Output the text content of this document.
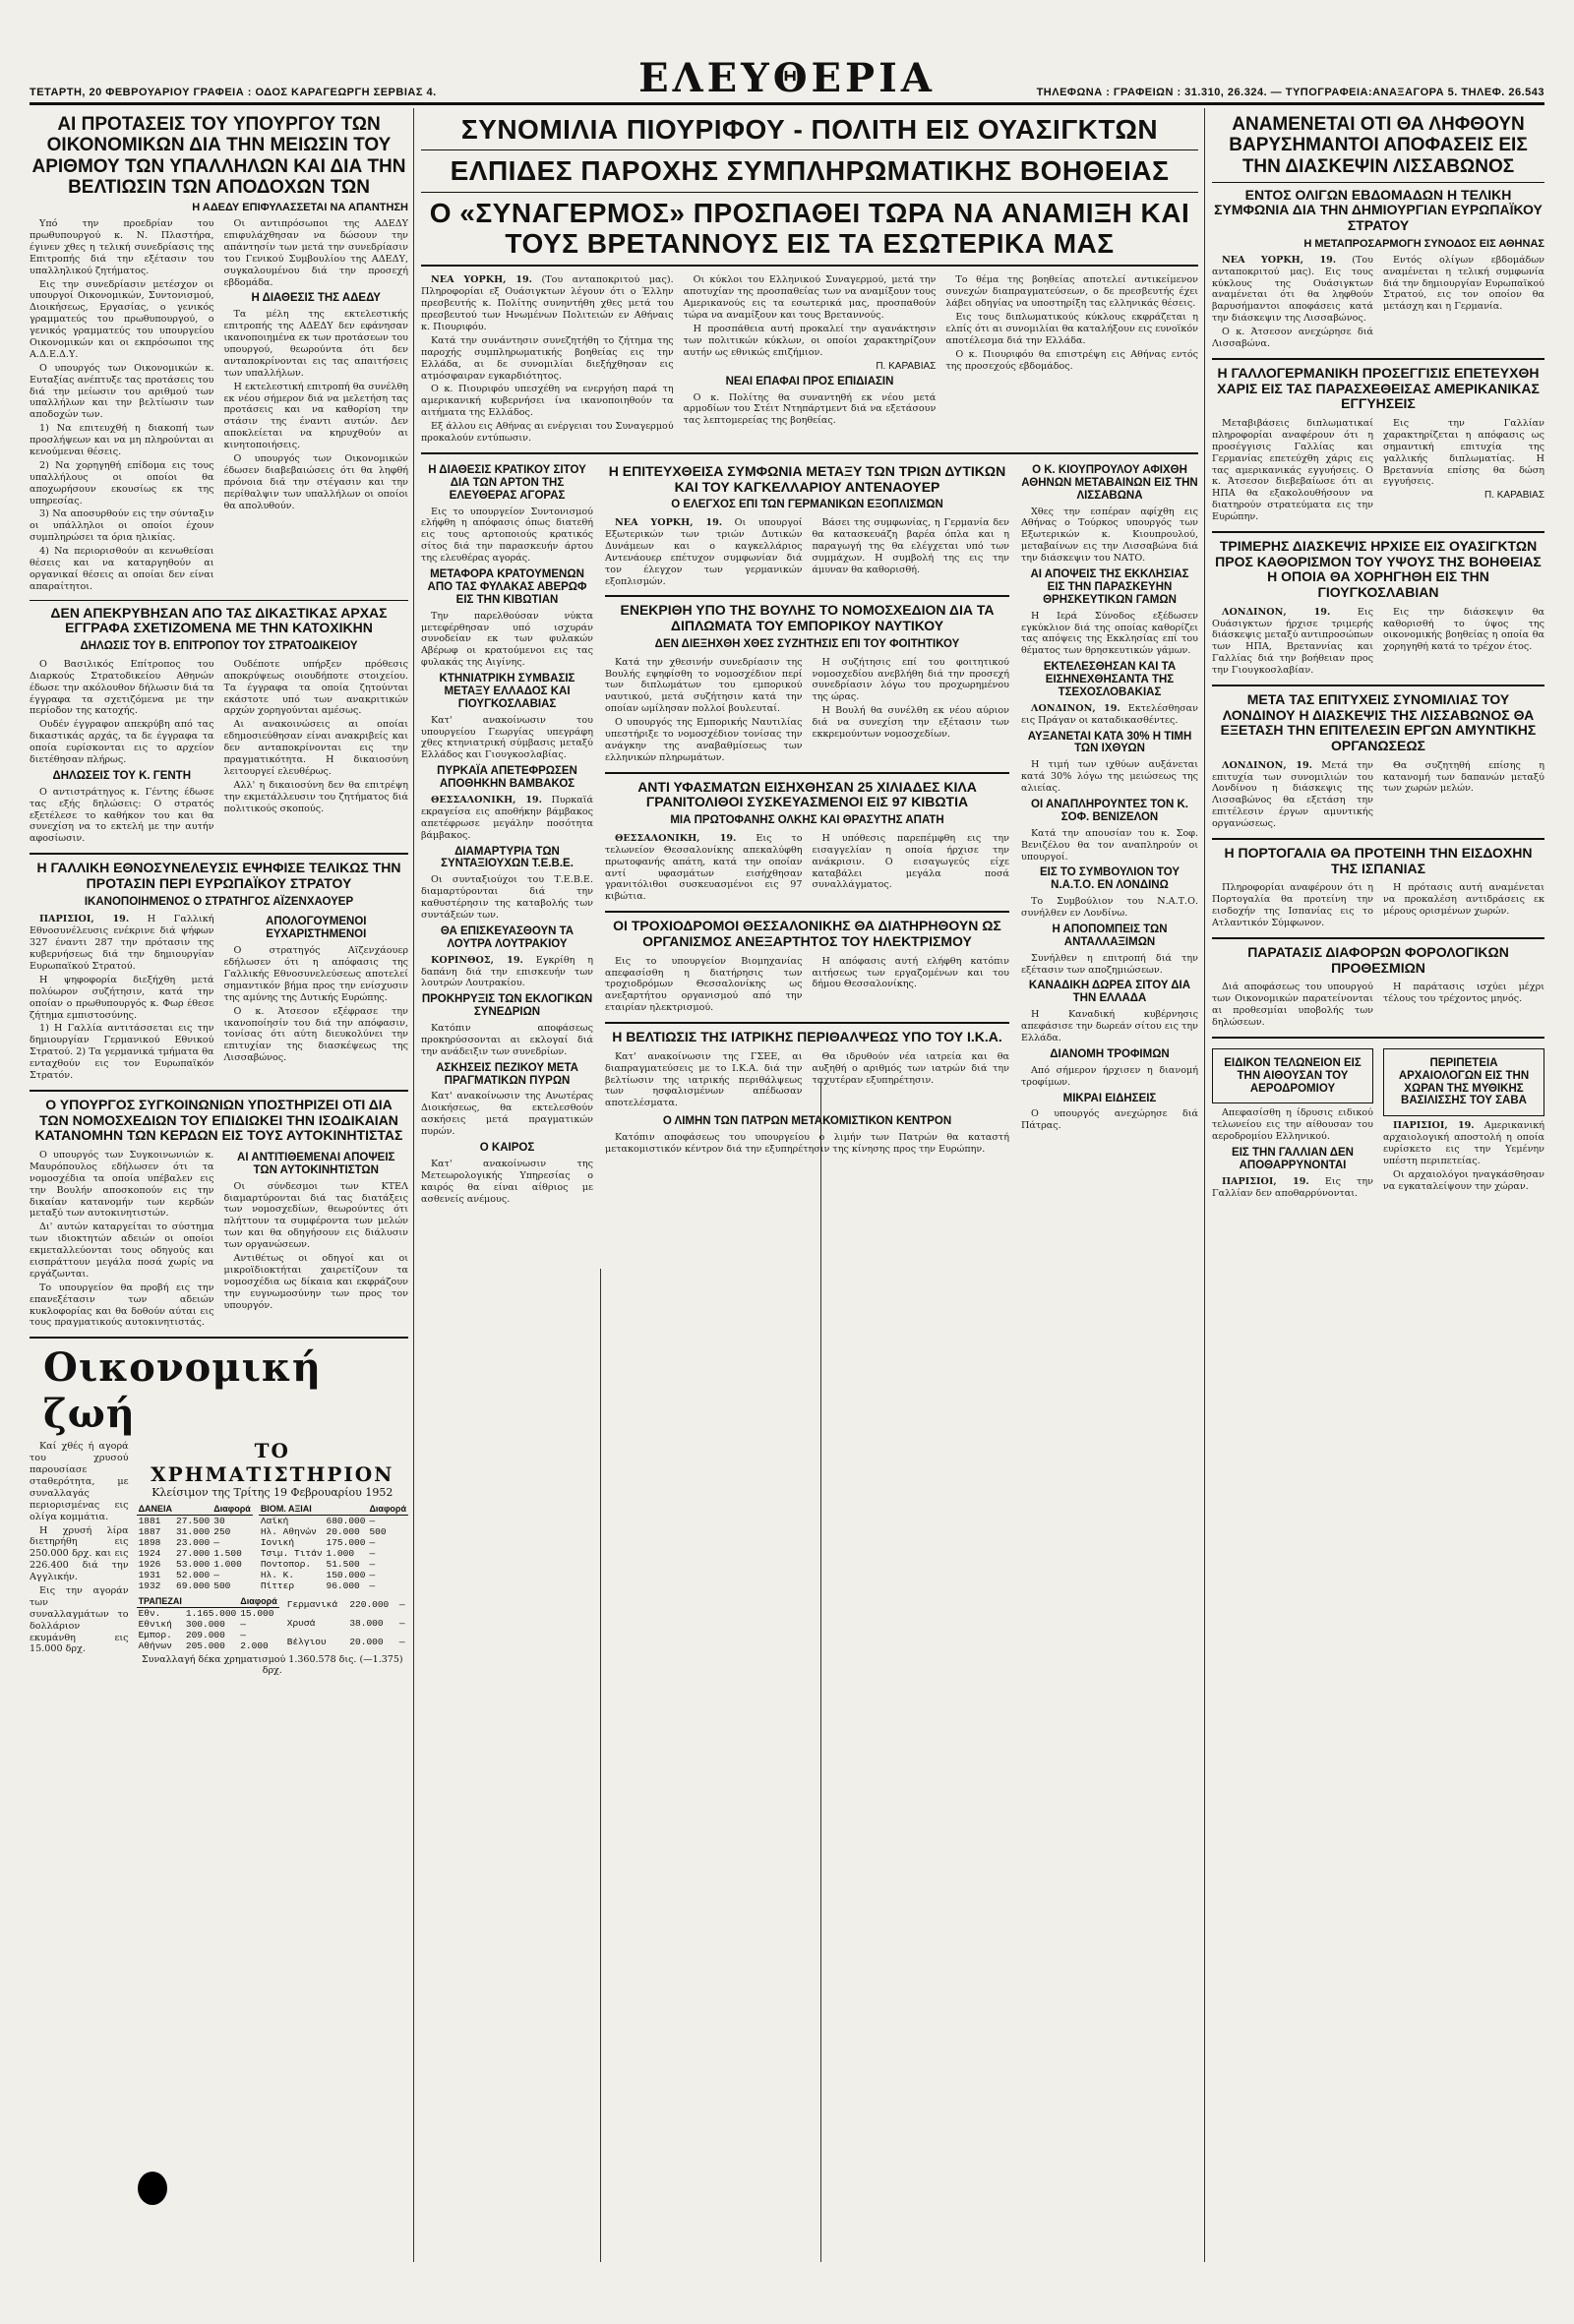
ΤΕΤΑΡΤΗ, 20 ΦΕΒΡΟΥΑΡΙΟΥ ΓΡΑΦΕΙΑ : ΟΔΟΣ ΚΑΡΑΓΕΩΡΓΗ ΣΕΡΒΙΑΣ 4.	ΤΗΛΕΦΩΝΑ : ΓΡΑΦΕΙΩΝ : 31.310, 26.324. — ΤΥΠΟΓΡΑΦΕΙΑ:ΑΝΑΞΑΓΟΡΑ 5. ΤΗΛΕΦ. 26.543
ΕΛΕΥΘΕΡΙΑ
ΑΙ ΠΡΟΤΑΣΕΙΣ ΤΟΥ ΥΠΟΥΡΓΟΥ ΤΩΝ ΟΙΚΟΝΟΜΙΚΩΝ ΔΙΑ ΤΗΝ ΜΕΙΩΣΙΝ ΤΟΥ ΑΡΙΘΜΟΥ ΤΩΝ ΥΠΑΛΛΗΛΩΝ ΚΑΙ ΔΙΑ ΤΗΝ ΒΕΛΤΙΩΣΙΝ ΤΩΝ ΑΠΟΔΟΧΩΝ ΤΩΝ
Η ΑΔΕΔΥ ΕΠΙΦΥΛΑΣΣΕΤΑΙ ΝΑ ΑΠΑΝΤΗΣΗ

Υπό την προεδρίαν του πρωθυπουργού κ. Ν. Πλαστήρα, έγινεν χθες η τελική συνεδρίασις της Επιτροπής διά την εξέτασιν του υπαλληλικού ζητήματος.

Εις την συνεδρίασιν μετέσχον οι υπουργοί Οικονομικών, Συντονισμού, Διοικήσεως, Εργασίας, ο γενικός γραμματεύς του πρωθυπουργού, ο γενικός γραμματεύς του υπουργείου Οικονομικών και οι εκπρόσωποι της Α.Δ.Ε.Δ.Υ.

Ο υπουργός των Οικονομικών κ. Ευταξίας ανέπτυξε τας προτάσεις του διά την μείωσιν του αριθμού των υπαλλήλων και την βελτίωσιν των αποδοχών των.

1) Να επιτευχθή η διακοπή των προσλήψεων και να μη πληρούνται αι κενούμεναι θέσεις.

2) Να χορηγηθή επίδομα εις τους υπαλλήλους οι οποίοι θα αποχωρήσουν εκουσίως εκ της υπηρεσίας.

3) Να αποσυρθούν εις την σύνταξιν οι υπάλληλοι οι οποίοι έχουν συμπληρώσει τα όρια ηλικίας.

4) Να περιορισθούν αι κενωθείσαι θέσεις και να καταργηθούν αι οργανικαί θέσεις αι οποίαι δεν είναι απαραίτητοι.

Οι αντιπρόσωποι της ΑΔΕΔΥ επιφυλάχθησαν να δώσουν την απάντησίν των μετά την συνεδρίασιν του Γενικού Συμβουλίου της ΑΔΕΔΥ, συγκαλουμένου διά την προσεχή εβδομάδα.

Η ΔΙΑΘΕΣΙΣ ΤΗΣ ΑΔΕΔΥ

Τα μέλη της εκτελεστικής επιτροπής της ΑΔΕΔΥ δεν εφάνησαν ικανοποιημένα εκ των προτάσεων του υπουργού, θεωρούντα ότι δεν ανταποκρίνονται εις τας απαιτήσεις των υπαλλήλων.

Η εκτελεστική επιτροπή θα συνέλθη εκ νέου σήμερον διά να μελετήση τας προτάσεις και να καθορίση την στάσιν της έναντι αυτών. Δεν αποκλείεται να κηρυχθούν αι κινητοποιήσεις.

Ο υπουργός των Οικονομικών έδωσεν διαβεβαιώσεις ότι θα ληφθή πρόνοια διά την στέγασιν και την περίθαλψιν των υπαλλήλων οι οποίοι θα απολυθούν.

ΔΕΝ ΑΠΕΚΡΥΒΗΣΑΝ ΑΠΟ ΤΑΣ ΔΙΚΑΣΤΙΚΑΣ ΑΡΧΑΣ ΕΓΓΡΑΦΑ ΣΧΕΤΙΖΟΜΕΝΑ ΜΕ ΤΗΝ ΚΑΤΟΧΙΚΗΝ
ΔΗΛΩΣΙΣ ΤΟΥ Β. ΕΠΙΤΡΟΠΟΥ ΤΟΥ ΣΤΡΑΤΟΔΙΚΕΙΟΥ

Ο Βασιλικός Επίτροπος του Διαρκούς Στρατοδικείου Αθηνών έδωσε την ακόλουθον δήλωσιν διά τα έγγραφα τα σχετιζόμενα με την περίοδον της κατοχής.

Ουδέν έγγραφον απεκρύβη από τας δικαστικάς αρχάς, τα δε έγγραφα τα οποία ευρίσκονται εις το αρχείον διετέθησαν πλήρως.

ΔΗΛΩΣΕΙΣ ΤΟΥ Κ. ΓΕΝΤΗ

Ο αντιστράτηγος κ. Γέντης έδωσε τας εξής δηλώσεις: Ο στρατός εξετέλεσε το καθήκον του και θα συνεχίση να το εκτελή με την αυτήν αφοσίωσιν.

Ουδέποτε υπήρξεν πρόθεσις αποκρύψεως οιουδήποτε στοιχείου. Τα έγγραφα τα οποία ζητούνται εκάστοτε υπό των ανακριτικών αρχών χορηγούνται αμέσως.

Αι ανακοινώσεις αι οποίαι εδημοσιεύθησαν είναι ανακριβείς και δεν ανταποκρίνονται εις την πραγματικότητα. Η δικαιοσύνη λειτουργεί ελευθέρως.

Αλλ' η δικαιοσύνη δεν θα επιτρέψη την εκμετάλλευσιν του ζητήματος διά πολιτικούς σκοπούς.

Η ΓΑΛΛΙΚΗ ΕΘΝΟΣΥΝΕΛΕΥΣΙΣ ΕΨΗΦΙΣΕ ΤΕΛΙΚΩΣ ΤΗΝ ΠΡΟΤΑΣΙΝ ΠΕΡΙ ΕΥΡΩΠΑΪΚΟΥ ΣΤΡΑΤΟΥ
ΙΚΑΝΟΠΟΙΗΜΕΝΟΣ Ο ΣΤΡΑΤΗΓΟΣ ΑΪΖΕΝΧΑΟΥΕΡ

ΠΑΡΙΣΙΟΙ, 19. Η Γαλλική Εθνοσυνέλευσις ενέκρινε διά ψήφων 327 έναντι 287 την πρότασιν της κυβερνήσεως διά την δημιουργίαν Ευρωπαϊκού Στρατού.

Η ψηφοφορία διεξήχθη μετά πολύωρον συζήτησιν, κατά την οποίαν ο πρωθυπουργός κ. Φωρ έθεσε ζήτημα εμπιστοσύνης.

1) Η Γαλλία αντιτάσσεται εις την δημιουργίαν Γερμανικού Εθνικού Στρατού. 2) Τα γερμανικά τμήματα θα ενταχθούν εις τον Ευρωπαϊκόν Στρατόν.

ΑΠΟΛΟΓΟΥΜΕΝΟΙ ΕΥΧΑΡΙΣΤΗΜΕΝΟΙ

Ο στρατηγός Αϊζενχάουερ εδήλωσεν ότι η απόφασις της Γαλλικής Εθνοσυνελεύσεως αποτελεί σημαντικόν βήμα προς την ενίσχυσιν της αμύνης της Δυτικής Ευρώπης.

Ο κ. Άτσεσον εξέφρασε την ικανοποίησίν του διά την απόφασιν, τονίσας ότι αύτη διευκολύνει την επιτυχίαν της διασκέψεως της Λισσαβώνος.

Ο ΥΠΟΥΡΓΟΣ ΣΥΓΚΟΙΝΩΝΙΩΝ ΥΠΟΣΤΗΡΙΖΕΙ ΟΤΙ ΔΙΑ ΤΩΝ ΝΟΜΟΣΧΕΔΙΩΝ ΤΟΥ ΕΠΙΔΙΩΚΕΙ ΤΗΝ ΙΣΟΔΙΚΑΙΑΝ ΚΑΤΑΝΟΜΗΝ ΤΩΝ ΚΕΡΔΩΝ ΕΙΣ ΤΟΥΣ ΑΥΤΟΚΙΝΗΤΙΣΤΑΣ

Ο υπουργός των Συγκοινωνιών κ. Μαυρόπουλος εδήλωσεν ότι τα νομοσχέδια τα οποία υπέβαλεν εις την Βουλήν αποσκοπούν εις την δικαίαν κατανομήν των κερδών μεταξύ των αυτοκινητιστών.

Δι' αυτών καταργείται το σύστημα των ιδιοκτητών αδειών οι οποίοι εκμεταλλεύονται τους οδηγούς και εισπράττουν μεγάλα ποσά χωρίς να εργάζωνται.

Το υπουργείον θα προβή εις την επανεξέτασιν των αδειών κυκλοφορίας και θα δοθούν αύται εις τους πραγματικούς αυτοκινητιστάς.

ΑΙ ΑΝΤΙΤΙΘΕΜΕΝΑΙ ΑΠΟΨΕΙΣ ΤΩΝ ΑΥΤΟΚΙΝΗΤΙΣΤΩΝ

Οι σύνδεσμοι των ΚΤΕΛ διαμαρτύρονται διά τας διατάξεις των νομοσχεδίων, θεωρούντες ότι πλήττουν τα συμφέροντα των μελών των και θα οδηγήσουν εις διάλυσιν των οργανώσεων.

Αντιθέτως οι οδηγοί και οι μικροϊδιοκτήται χαιρετίζουν τα νομοσχέδια ως δίκαια και εκφράζουν την ευγνωμοσύνην των προς τον υπουργόν.

Οικονομική ζωή

Καί χθές ή αγορά του χρυσού παρουσίασε σταθερότητα, με συναλλαγάς περιορισμένας εις ολίγα κομμάτια.

Η χρυσή λίρα διετηρήθη εις 250.000 δρχ. και εις 226.400 διά την Αγγλικήν.

Εις την αγοράν των συναλλαγμάτων το δολλάριον εκυμάνθη εις 15.000 δρχ.

ΤΟ ΧΡΗΜΑΤΙΣΤΗΡΙΟΝ
Κλείσιμον της Τρίτης 19 Φεβρουαρίου 1952
ΔΑΝΕΙΑ		Διαφορά
1881	27.500	30
1887	31.000	250
1898	23.000	—
1924	27.000	1.500
1926	53.000	1.000
1931	52.000	—
1932	69.000	500
ΒΙΟΜ. ΑΞΙΑΙ		Διαφορά
Λαϊκή	680.000	—
Ηλ. Αθηνών	20.000	500
Ιονική	175.000	—
Τσιμ. Τιτάν	1.000	—
Ποντοπορ.	51.500	—
Ηλ. Κ.	150.000	—
Πίττερ	96.000	—
ΤΡΑΠΕΖΑΙ		Διαφορά
Εθν.	1.165.000	15.000
Εθνική	300.000	—
Εμπορ.	209.000	—
Αθήνων	205.000	2.000
Γερμανικά	220.000	—
Χρυσά	38.000	—
Βέλγιου	20.000	—
Συναλλαγή δέκα χρηματισμού 1.360.578 δις. (—1.375) δρχ.
ΣΥΝΟΜΙΛΙΑ ΠΙΟΥΡΙΦΟΥ - ΠΟΛΙΤΗ ΕΙΣ ΟΥΑΣΙΓΚΤΩΝ
ΕΛΠΙΔΕΣ ΠΑΡΟΧΗΣ ΣΥΜΠΛΗΡΩΜΑΤΙΚΗΣ ΒΟΗΘΕΙΑΣ
Ο «ΣΥΝΑΓΕΡΜΟΣ» ΠΡΟΣΠΑΘΕΙ ΤΩΡΑ ΝΑ ΑΝΑΜΙΞΗ ΚΑΙ ΤΟΥΣ ΒΡΕΤΑΝΝΟΥΣ ΕΙΣ ΤΑ ΕΣΩΤΕΡΙΚΑ ΜΑΣ

ΝΕΑ ΥΟΡΚΗ, 19. (Του ανταποκριτού μας). Πληροφορίαι εξ Ουάσιγκτων λέγουν ότι ο Έλλην πρεσβευτής κ. Πολίτης συνηντήθη χθες μετά του πρεσβευτού των Ηνωμένων Πολιτειών εν Αθήναις κ. Πιουριφόυ.

Κατά την συνάντησιν συνεζητήθη το ζήτημα της παροχής συμπληρωματικής βοηθείας εις την Ελλάδα, αι δε συνομιλίαι διεξήχθησαν εις ατμόσφαιραν εγκαρδιότητος.

Ο κ. Πιουριφόυ υπεσχέθη να ενεργήση παρά τη αμερικανική κυβερνήσει ίνα ικανοποιηθούν τα αιτήματα της Ελλάδος.

Εξ άλλου εις Αθήνας αι ενέργειαι του Συναγερμού προκαλούν εντύπωσιν.

Οι κύκλοι του Ελληνικού Συναγερμού, μετά την αποτυχίαν της προσπαθείας των να αναμίξουν τους Αμερικανούς εις τα εσωτερικά μας, προσπαθούν τώρα να αναμίξουν και τους Βρεταννούς.

Η προσπάθεια αυτή προκαλεί την αγανάκτησιν των πολιτικών κύκλων, οι οποίοι χαρακτηρίζουν αυτήν ως εθνικώς επιζήμιον.

Π. ΚΑΡΑΒΙΑΣ
ΝΕΑΙ ΕΠΑΦΑΙ ΠΡΟΣ ΕΠΙΔΙΑΣΙΝ

Ο κ. Πολίτης θα συναντηθή εκ νέου μετά αρμοδίων του Στέιτ Ντηπάρτμεντ διά να εξετάσουν τας λεπτομερείας της βοηθείας.

Το θέμα της βοηθείας αποτελεί αντικείμενον συνεχών διαπραγματεύσεων, ο δε πρεσβευτής έχει λάβει οδηγίας να υποστηρίξη τας ελληνικάς θέσεις.

Εις τους διπλωματικούς κύκλους εκφράζεται η ελπίς ότι αι συνομιλίαι θα καταλήξουν εις ευνοϊκόν αποτέλεσμα διά την Ελλάδα.

Ο κ. Πιουριφόυ θα επιστρέψη εις Αθήνας εντός της προσεχούς εβδομάδος.

Η ΔΙΑΘΕΣΙΣ ΚΡΑΤΙΚΟΥ ΣΙΤΟΥ ΔΙΑ ΤΩΝ ΑΡΤΟΝ ΤΗΣ ΕΛΕΥΘΕΡΑΣ ΑΓΟΡΑΣ

Εις το υπουργείον Συντονισμού ελήφθη η απόφασις όπως διατεθή εις τους αρτοποιούς κρατικός σίτος διά την παρασκευήν άρτου της ελευθέρας αγοράς.

ΜΕΤΑΦΟΡΑ ΚΡΑΤΟΥΜΕΝΩΝ ΑΠΟ ΤΑΣ ΦΥΛΑΚΑΣ ΑΒΕΡΩΦ ΕΙΣ ΤΗΝ ΚΙΒΩΤΙΑΝ

Την παρελθούσαν νύκτα μετεφέρθησαν υπό ισχυράν συνοδείαν εκ των φυλακών Αβέρωφ οι κρατούμενοι εις τας φυλακάς της Αιγίνης.

ΚΤΗΝΙΑΤΡΙΚΗ ΣΥΜΒΑΣΙΣ ΜΕΤΑΞΥ ΕΛΛΑΔΟΣ ΚΑΙ ΓΙΟΥΓΚΟΣΛΑΒΙΑΣ

Κατ' ανακοίνωσιν του υπουργείου Γεωργίας υπεγράφη χθες κτηνιατρική σύμβασις μεταξύ Ελλάδος και Γιουγκοσλαβίας.

ΠΥΡΚΑΪΑ ΑΠΕΤΕΦΡΩΣΕΝ ΑΠΟΘΗΚΗΝ ΒΑΜΒΑΚΟΣ

ΘΕΣΣΑΛΟΝΙΚΗ, 19. Πυρκαϊά εκραγείσα εις αποθήκην βάμβακος απετέφρωσε μεγάλην ποσότητα βάμβακος.

ΔΙΑΜΑΡΤΥΡΙΑ ΤΩΝ ΣΥΝΤΑΞΙΟΥΧΩΝ Τ.Ε.Β.Ε.

Οι συνταξιούχοι του Τ.Ε.Β.Ε. διαμαρτύρονται διά την καθυστέρησιν της καταβολής των συντάξεών των.

ΘΑ ΕΠΙΣΚΕΥΑΣΘΟΥΝ ΤΑ ΛΟΥΤΡΑ ΛΟΥΤΡΑΚΙΟΥ

ΚΟΡΙΝΘΟΣ, 19. Εγκρίθη η δαπάνη διά την επισκευήν των λουτρών Λουτρακίου.

ΠΡΟΚΗΡΥΞΙΣ ΤΩΝ ΕΚΛΟΓΙΚΩΝ ΣΥΝΕΔΡΙΩΝ

Κατόπιν αποφάσεως προκηρύσσονται αι εκλογαί διά την ανάδειξιν των συνεδρίων.

ΑΣΚΗΣΕΙΣ ΠΕΖΙΚΟΥ ΜΕΤΑ ΠΡΑΓΜΑΤΙΚΩΝ ΠΥΡΩΝ

Κατ' ανακοίνωσιν της Ανωτέρας Διοικήσεως, θα εκτελεσθούν ασκήσεις μετά πραγματικών πυρών.

Ο ΚΑΙΡΟΣ

Κατ' ανακοίνωσιν της Μετεωρολογικής Υπηρεσίας ο καιρός θα είναι αίθριος με ασθενείς ανέμους.

Η ΕΠΙΤΕΥΧΘΕΙΣΑ ΣΥΜΦΩΝΙΑ ΜΕΤΑΞΥ ΤΩΝ ΤΡΙΩΝ ΔΥΤΙΚΩΝ ΚΑΙ ΤΟΥ ΚΑΓΚΕΛΛΑΡΙΟΥ ΑΝΤΕΝΑΟΥΕΡ
Ο ΕΛΕΓΧΟΣ ΕΠΙ ΤΩΝ ΓΕΡΜΑΝΙΚΩΝ ΕΞΟΠΛΙΣΜΩΝ

ΝΕΑ ΥΟΡΚΗ, 19. Οι υπουργοί Εξωτερικών των τριών Δυτικών Δυνάμεων και ο καγκελλάριος Αντενάουερ επέτυχον συμφωνίαν διά τον έλεγχον των γερμανικών εξοπλισμών.

Βάσει της συμφωνίας, η Γερμανία δεν θα κατασκευάζη βαρέα όπλα και η παραγωγή της θα ελέγχεται υπό των συμμάχων. Η συμβολή της εις την άμυναν θα καθορισθή.

ΕΝΕΚΡΙΘΗ ΥΠΟ ΤΗΣ ΒΟΥΛΗΣ ΤΟ ΝΟΜΟΣΧΕΔΙΟΝ ΔΙΑ ΤΑ ΔΙΠΛΩΜΑΤΑ ΤΟΥ ΕΜΠΟΡΙΚΟΥ ΝΑΥΤΙΚΟΥ
ΔΕΝ ΔΙΕΞΗΧΘΗ ΧΘΕΣ ΣΥΖΗΤΗΣΙΣ ΕΠΙ ΤΟΥ ΦΟΙΤΗΤΙΚΟΥ

Κατά την χθεσινήν συνεδρίασιν της Βουλής εψηφίσθη το νομοσχέδιον περί των διπλωμάτων του εμπορικού ναυτικού, μετά συζήτησιν κατά την οποίαν ωμίλησαν πολλοί βουλευταί.

Ο υπουργός της Εμπορικής Ναυτιλίας υπεστήριξε το νομοσχέδιον τονίσας την ανάγκην της αναβαθμίσεως των ελληνικών πληρωμάτων.

Η συζήτησις επί του φοιτητικού νομοσχεδίου ανεβλήθη διά την προσεχή συνεδρίασιν λόγω του προχωρημένου της ώρας.

Η Βουλή θα συνέλθη εκ νέου αύριον διά να συνεχίση την εξέτασιν των εκκρεμούντων νομοσχεδίων.

ΑΝΤΙ ΥΦΑΣΜΑΤΩΝ ΕΙΣΗΧΘΗΣΑΝ 25 ΧΙΛΙΑΔΕΣ ΚΙΛΑ ΓΡΑΝΙΤΟΛΙΘΟΙ ΣΥΣΚΕΥΑΣΜΕΝΟΙ ΕΙΣ 97 ΚΙΒΩΤΙΑ
ΜΙΑ ΠΡΩΤΟΦΑΝΗΣ ΟΛΚΗΣ ΚΑΙ ΘΡΑΣΥΤΗΣ ΑΠΑΤΗ

ΘΕΣΣΑΛΟΝΙΚΗ, 19. Εις το τελωνείον Θεσσαλονίκης απεκαλύφθη πρωτοφανής απάτη, κατά την οποίαν αντί υφασμάτων εισήχθησαν γρανιτόλιθοι συσκευασμένοι εις 97 κιβώτια.

Η υπόθεσις παρεπέμφθη εις την εισαγγελίαν η οποία ήρχισε την ανάκρισιν. Ο εισαγωγεύς είχε καταβάλει μεγάλα ποσά συναλλάγματος.

ΟΙ ΤΡΟΧΙΟΔΡΟΜΟΙ ΘΕΣΣΑΛΟΝΙΚΗΣ ΘΑ ΔΙΑΤΗΡΗΘΟΥΝ ΩΣ ΟΡΓΑΝΙΣΜΟΣ ΑΝΕΞΑΡΤΗΤΟΣ ΤΟΥ ΗΛΕΚΤΡΙΣΜΟΥ

Εις το υπουργείον Βιομηχανίας απεφασίσθη η διατήρησις των τροχιοδρόμων Θεσσαλονίκης ως ανεξαρτήτου οργανισμού από την εταιρίαν ηλεκτρισμού.

Η απόφασις αυτή ελήφθη κατόπιν αιτήσεως των εργαζομένων και του δήμου Θεσσαλονίκης.

Η ΒΕΛΤΙΩΣΙΣ ΤΗΣ ΙΑΤΡΙΚΗΣ ΠΕΡΙΘΑΛΨΕΩΣ ΥΠΟ ΤΟΥ Ι.Κ.Α.

Κατ' ανακοίνωσιν της ΓΣΕΕ, αι διαπραγματεύσεις με το Ι.Κ.Α. διά την βελτίωσιν της ιατρικής περιθάλψεως των ησφαλισμένων απέδωσαν αποτελέσματα.

Θα ιδρυθούν νέα ιατρεία και θα αυξηθή ο αριθμός των ιατρών διά την ταχυτέραν εξυπηρέτησιν.

Ο ΛΙΜΗΝ ΤΩΝ ΠΑΤΡΩΝ ΜΕΤΑΚΟΜΙΣΤΙΚΟΝ ΚΕΝΤΡΟΝ

Κατόπιν αποφάσεως του υπουργείου ο λιμήν των Πατρών θα καταστή μετακομιστικόν κέντρον διά την εξυπηρέτησιν της κίνησης προς την Ευρώπην.

Ο Κ. ΚΙΟΥΠΡΟΥΛΟΥ ΑΦΙΧΘΗ ΑΘΗΝΩΝ ΜΕΤΑΒΑΙΝΩΝ ΕΙΣ ΤΗΝ ΛΙΣΣΑΒΩΝΑ

Χθες την εσπέραν αφίχθη εις Αθήνας ο Τούρκος υπουργός των Εξωτερικών κ. Κιουπρουλού, μεταβαίνων εις την Λισσαβώνα διά την διάσκεψιν του ΝΑΤΟ.

ΑΙ ΑΠΟΨΕΙΣ ΤΗΣ ΕΚΚΛΗΣΙΑΣ ΕΙΣ ΤΗΝ ΠΑΡΑΣΚΕΥΗΝ ΘΡΗΣΚΕΥΤΙΚΩΝ ΓΑΜΩΝ

Η Ιερά Σύνοδος εξέδωσεν εγκύκλιον διά της οποίας καθορίζει τας απόψεις της Εκκλησίας επί του θέματος των θρησκευτικών γάμων.

ΕΚΤΕΛΕΣΘΗΣΑΝ ΚΑΙ ΤΑ ΕΙΣΗΝΕΧΘΗΣΑΝΤΑ ΤΗΣ ΤΣΕΧΟΣΛΟΒΑΚΙΑΣ

ΛΟΝΔΙΝΟΝ, 19. Εκτελέσθησαν εις Πράγαν οι καταδικασθέντες.

ΑΥΞΑΝΕΤΑΙ ΚΑΤΑ 30% Η ΤΙΜΗ ΤΩΝ ΙΧΘΥΩΝ

Η τιμή των ιχθύων αυξάνεται κατά 30% λόγω της μειώσεως της αλιείας.

ΟΙ ΑΝΑΠΛΗΡΟΥΝΤΕΣ ΤΟΝ Κ. ΣΟΦ. ΒΕΝΙΖΕΛΟΝ

Κατά την απουσίαν του κ. Σοφ. Βενιζέλου θα τον αναπληρούν οι υπουργοί.

ΕΙΣ ΤΟ ΣΥΜΒΟΥΛΙΟΝ ΤΟΥ Ν.Α.Τ.Ο. ΕΝ ΛΟΝΔΙΝΩ

Το Συμβούλιον του Ν.Α.Τ.Ο. συνήλθεν εν Λονδίνω.

Η ΑΠΟΠΟΜΠΕΙΣ ΤΩΝ ΑΝΤΑΛΛΑΞΙΜΩΝ

Συνήλθεν η επιτροπή διά την εξέτασιν των αποζημιώσεων.

ΚΑΝΑΔΙΚΗ ΔΩΡΕΑ ΣΙΤΟΥ ΔΙΑ ΤΗΝ ΕΛΛΑΔΑ

Η Καναδική κυβέρνησις απεφάσισε την δωρεάν σίτου εις την Ελλάδα.

ΔΙΑΝΟΜΗ ΤΡΟΦΙΜΩΝ

Από σήμερον ήρχισεν η διανομή τροφίμων.

ΜΙΚΡΑΙ ΕΙΔΗΣΕΙΣ

Ο υπουργός ανεχώρησε διά Πάτρας.

ΑΝΑΜΕΝΕΤΑΙ ΟΤΙ ΘΑ ΛΗΦΘΟΥΝ ΒΑΡΥΣΗΜΑΝΤΟΙ ΑΠΟΦΑΣΕΙΣ ΕΙΣ ΤΗΝ ΔΙΑΣΚΕΨΙΝ ΛΙΣΣΑΒΩΝΟΣ
ΕΝΤΟΣ ΟΛΙΓΩΝ ΕΒΔΟΜΑΔΩΝ Η ΤΕΛΙΚΗ ΣΥΜΦΩΝΙΑ ΔΙΑ ΤΗΝ ΔΗΜΙΟΥΡΓΙΑΝ ΕΥΡΩΠΑΪΚΟΥ ΣΤΡΑΤΟΥ
Η ΜΕΤΑΠΡΟΣΑΡΜΟΓΗ ΣΥΝΟΔΟΣ ΕΙΣ ΑΘΗΝΑΣ

ΝΕΑ ΥΟΡΚΗ, 19. (Του ανταποκριτού μας). Εις τους κύκλους της Ουάσιγκτων αναμένεται ότι θα ληφθούν βαρυσήμαντοι αποφάσεις κατά την διάσκεψιν της Λισσαβώνος.

Ο κ. Άτσεσον ανεχώρησε διά Λισσαβώνα.

Εντός ολίγων εβδομάδων αναμένεται η τελική συμφωνία διά την δημιουργίαν Ευρωπαϊκού Στρατού, εις τον οποίον θα μετάσχη και η Γερμανία.

Η ΓΑΛΛΟΓΕΡΜΑΝΙΚΗ ΠΡΟΣΕΓΓΙΣΙΣ ΕΠΕΤΕΥΧΘΗ ΧΑΡΙΣ ΕΙΣ ΤΑΣ ΠΑΡΑΣΧΕΘΕΙΣΑΣ ΑΜΕΡΙΚΑΝΙΚΑΣ ΕΓΓΥΗΣΕΙΣ

Μεταβιβάσεις διπλωματικαί πληροφορίαι αναφέρουν ότι η προσέγγισις Γαλλίας και Γερμανίας επετεύχθη χάρις εις τας αμερικανικάς εγγυήσεις. Ο κ. Άτσεσον διεβεβαίωσε ότι αι ΗΠΑ θα εξακολουθήσουν να διατηρούν στρατεύματα εις την Ευρώπην.

Εις την Γαλλίαν χαρακτηρίζεται η απόφασις ως σημαντική επιτυχία της γαλλικής διπλωματίας. Η Βρεταννία επίσης θα δώση εγγυήσεις.

Π. ΚΑΡΑΒΙΑΣ
ΤΡΙΜΕΡΗΣ ΔΙΑΣΚΕΨΙΣ ΗΡΧΙΣΕ ΕΙΣ ΟΥΑΣΙΓΚΤΩΝ ΠΡΟΣ ΚΑΘΟΡΙΣΜΟΝ ΤΟΥ ΥΨΟΥΣ ΤΗΣ ΒΟΗΘΕΙΑΣ Η ΟΠΟΙΑ ΘΑ ΧΟΡΗΓΗΘΗ ΕΙΣ ΤΗΝ ΓΙΟΥΓΚΟΣΛΑΒΙΑΝ

ΛΟΝΔΙΝΟΝ, 19. Εις Ουάσιγκτων ήρχισε τριμερής διάσκεψις μεταξύ αντιπροσώπων των ΗΠΑ, Βρεταννίας και Γαλλίας διά την βοήθειαν προς την Γιουγκοσλαβίαν.

Εις την διάσκεψιν θα καθορισθή το ύψος της οικονομικής βοηθείας η οποία θα χορηγηθή κατά το τρέχον έτος.

ΜΕΤΑ ΤΑΣ ΕΠΙΤΥΧΕΙΣ ΣΥΝΟΜΙΛΙΑΣ ΤΟΥ ΛΟΝΔΙΝΟΥ Η ΔΙΑΣΚΕΨΙΣ ΤΗΣ ΛΙΣΣΑΒΩΝΟΣ ΘΑ ΕΞΕΤΑΣΗ ΤΗΝ ΕΠΙΤΕΛΕΣΙΝ ΕΡΓΩΝ ΑΜΥΝΤΙΚΗΣ ΟΡΓΑΝΩΣΕΩΣ

ΛΟΝΔΙΝΟΝ, 19. Μετά την επιτυχία των συνομιλιών του Λονδίνου η διάσκεψις της Λισσαβώνος θα εξετάση την επιτέλεσιν έργων αμυντικής οργανώσεως.

Θα συζητηθή επίσης η κατανομή των δαπανών μεταξύ των χωρών μελών.

Η ΠΟΡΤΟΓΑΛΙΑ ΘΑ ΠΡΟΤΕΙΝΗ ΤΗΝ ΕΙΣΔΟΧΗΝ ΤΗΣ ΙΣΠΑΝΙΑΣ

Πληροφορίαι αναφέρουν ότι η Πορτογαλία θα προτείνη την εισδοχήν της Ισπανίας εις το Ατλαντικόν Σύμφωνον.

Η πρότασις αυτή αναμένεται να προκαλέση αντιδράσεις εκ μέρους ορισμένων χωρών.

ΠΑΡΑΤΑΣΙΣ ΔΙΑΦΟΡΩΝ ΦΟΡΟΛΟΓΙΚΩΝ ΠΡΟΘΕΣΜΙΩΝ

Διά αποφάσεως του υπουργού των Οικονομικών παρατείνονται αι προθεσμίαι υποβολής των δηλώσεων.

Η παράτασις ισχύει μέχρι τέλους του τρέχοντος μηνός.

ΕΙΔΙΚΟΝ ΤΕΛΩΝΕΙΟΝ ΕΙΣ ΤΗΝ ΑΙΘΟΥΣΑΝ ΤΟΥ ΑΕΡΟΔΡΟΜΙΟΥ

Απεφασίσθη η ίδρυσις ειδικού τελωνείου εις την αίθουσαν του αεροδρομίου Ελληνικού.

ΕΙΣ ΤΗΝ ΓΑΛΛΙΑΝ ΔΕΝ ΑΠΟΘΑΡΡΥΝΟΝΤΑΙ

ΠΑΡΙΣΙΟΙ, 19. Εις την Γαλλίαν δεν αποθαρρύνονται.

ΠΕΡΙΠΕΤΕΙΑ ΑΡΧΑΙΟΛΟΓΩΝ ΕΙΣ ΤΗΝ ΧΩΡΑΝ ΤΗΣ ΜΥΘΙΚΗΣ ΒΑΣΙΛΙΣΣΗΣ ΤΟΥ ΣΑΒΑ

ΠΑΡΙΣΙΟΙ, 19. Αμερικανική αρχαιολογική αποστολή η οποία ευρίσκετο εις την Υεμένην υπέστη περιπετείας.

Οι αρχαιολόγοι ηναγκάσθησαν να εγκαταλείψουν την χώραν.
